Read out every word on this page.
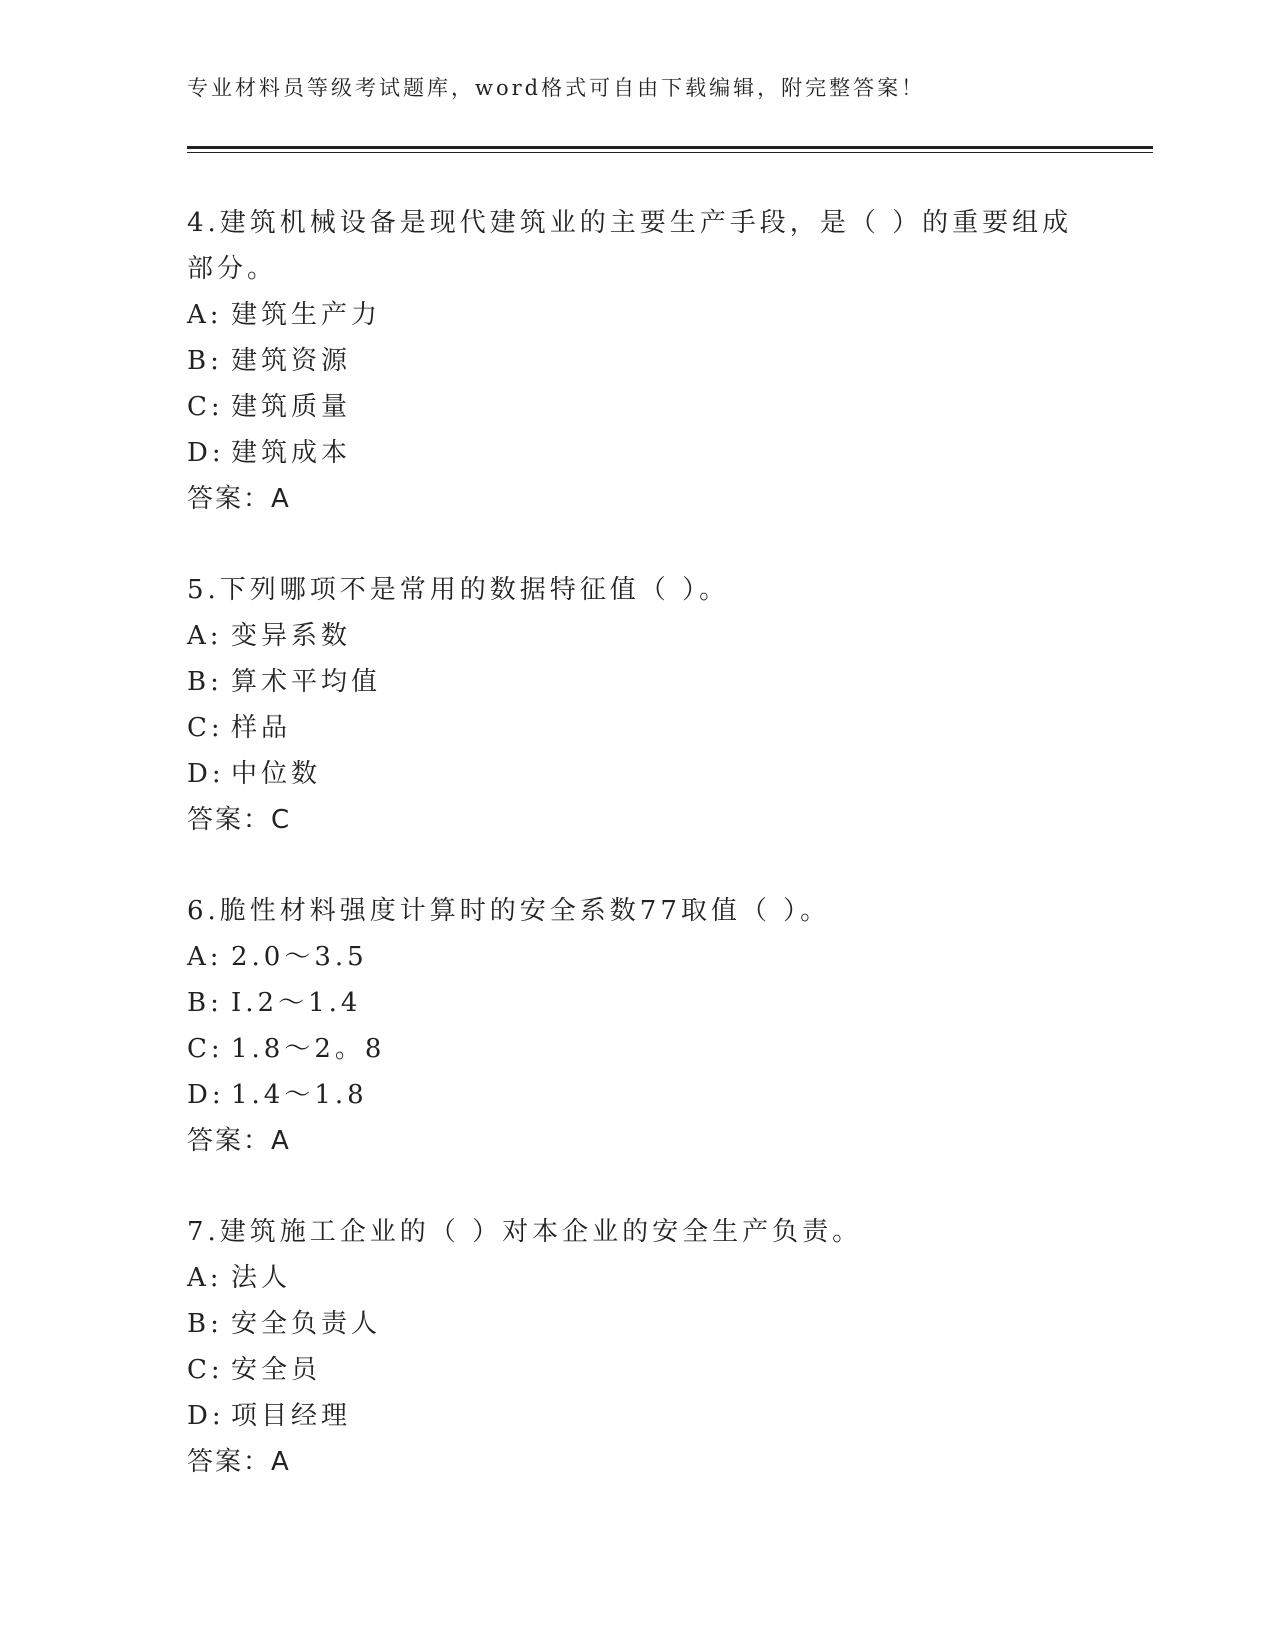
专业材料员等级考试题库，word格式可自由下载编辑，附完整答案！
4.建筑机械设备是现代建筑业的主要生产手段，是（ ）的重要组成部分。
A: 建筑生产力
B: 建筑资源
C: 建筑质量
D: 建筑成本
答案：A
5.下列哪项不是常用的数据特征值（ ）。
A: 变异系数
B: 算术平均值
C: 样品
D: 中位数
答案：C
6.脆性材料强度计算时的安全系数77取值（ ）。
A: 2.0～3.5
B: I.2～1.4
C: 1.8～2。8
D: 1.4～1.8
答案：A
7.建筑施工企业的（ ）对本企业的安全生产负责。
A: 法人
B: 安全负责人
C: 安全员
D: 项目经理
答案：A
